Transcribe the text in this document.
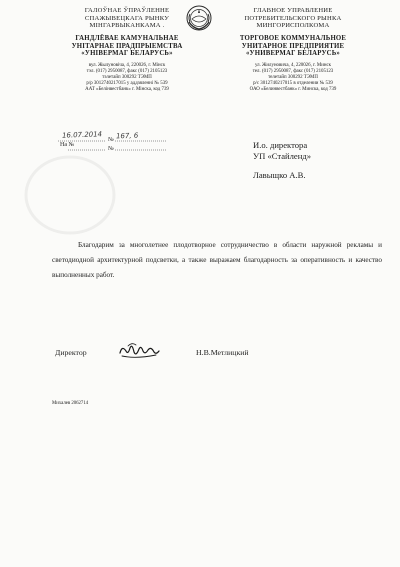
ГАЛОЎНАЕ ЎПРАЎЛЕННЕ
СПАЖЫВЕЦКАГА РЫНКУ
МІНГАРВЫКАНКАМА .
ГАНДЛЁВАЕ КАМУНАЛЬНАЕ
УНІТАРНАЕ ПРАДПРЫЕМСТВА
«УНІВЕРМАГ БЕЛАРУСЬ»
вул. Жылуновіча, 4, 220026, г. Мінск
тэл. (017) 2950087, факс (017) 2105123
тэлетайп 300292 ТЭМП
р/р 3012740217015 у аддзяленні № 539
ААТ «Белінвестбанк» г. Мінска, код 739
ГЛАВНОЕ УПРАВЛЕНИЕ
ПОТРЕБИТЕЛЬСКОГО РЫНКА
МИНГОРИСПОЛКОМА
ТОРГОВОЕ КОММУНАЛЬНОЕ
УНИТАРНОЕ ПРЕДПРИЯТИЕ
«УНИВЕРМАГ БЕЛАРУСЬ»
ул. Жилуновича, 4, 220026, г. Минск
тел. (017) 2950087, факс (017) 2105123
телетайп 300292 ТЭМП
р/с 3012740217015 в отделении № 539
ОАО «Белинвестбанк» г. Минска, код 739
№
№
16.07.2014 167, 6
На №	И.о. директора
УП «Стайленд»
Лавыщко А.В.
Благодарим за многолетнее плодотворное сотрудничество в области наружной рекламы и светодиодной архитектурной подсветки, а также выражаем благодарность за оперативность и качество выполненных работ.
Директор	Н.В.Метлицкий
Михалев 2062714
